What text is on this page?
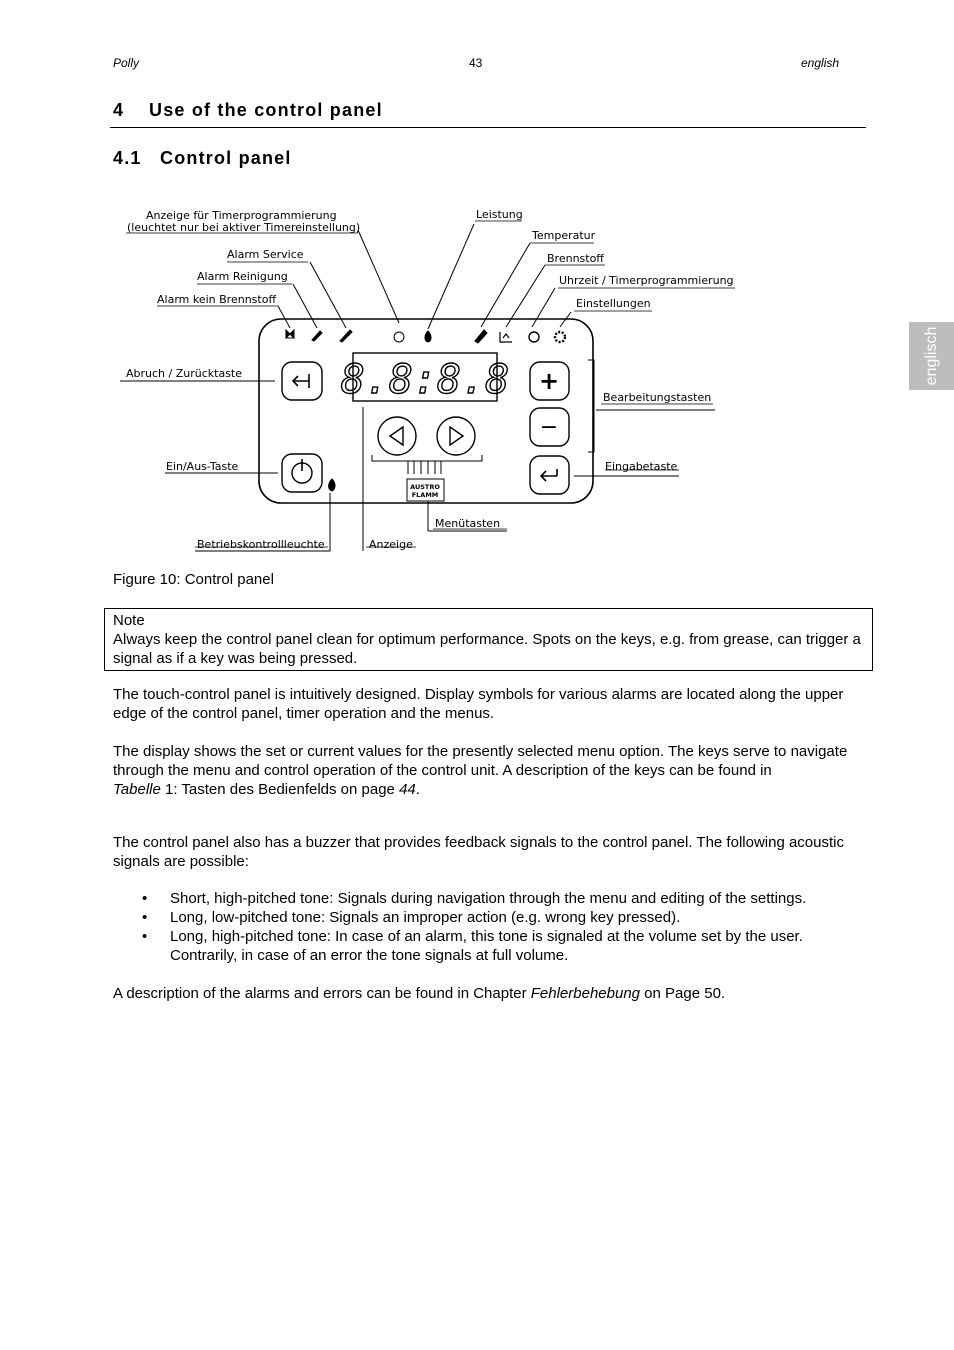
Polly	43	english
4 Use of the control panel
4.1 Control panel
englisch
8.8:8.8 +
−
AUSTRO
FLAMM
Anzeige für Timerprogrammierung
(leuchtet nur bei aktiver Timereinstellung)
Alarm Service
Alarm Reinigung
Alarm kein Brennstoff
Abruch / Zurücktaste
Ein/Aus-Taste
Betriebskontrollleuchte	Anzeige
Menütasten
Leistung
Temperatur
Brennstoff
Uhrzeit / Timerprogrammierung
Einstellungen
Bearbeitungstasten
Eingabetaste
Figure 10: Control panel
Note
Always keep the control panel clean for optimum performance. Spots on the keys, e.g. from grease, can trigger a signal as if a key was being pressed.
The touch-control panel is intuitively designed. Display symbols for various alarms are located along the upper edge of the control panel, timer operation and the menus.
The display shows the set or current values for the presently selected menu option. The keys serve to navigate through the menu and control operation of the control unit. A description of the keys can be found in
Tabelle 1: Tasten des Bedienfelds on page 44.
The control panel also has a buzzer that provides feedback signals to the control panel. The following acoustic signals are possible:
• Short, high-pitched tone: Signals during navigation through the menu and editing of the settings.
• Long, low-pitched tone: Signals an improper action (e.g. wrong key pressed).
• Long, high-pitched tone: In case of an alarm, this tone is signaled at the volume set by the user. Contrarily, in case of an error the tone signals at full volume.
A description of the alarms and errors can be found in Chapter Fehlerbehebung on Page 50.
